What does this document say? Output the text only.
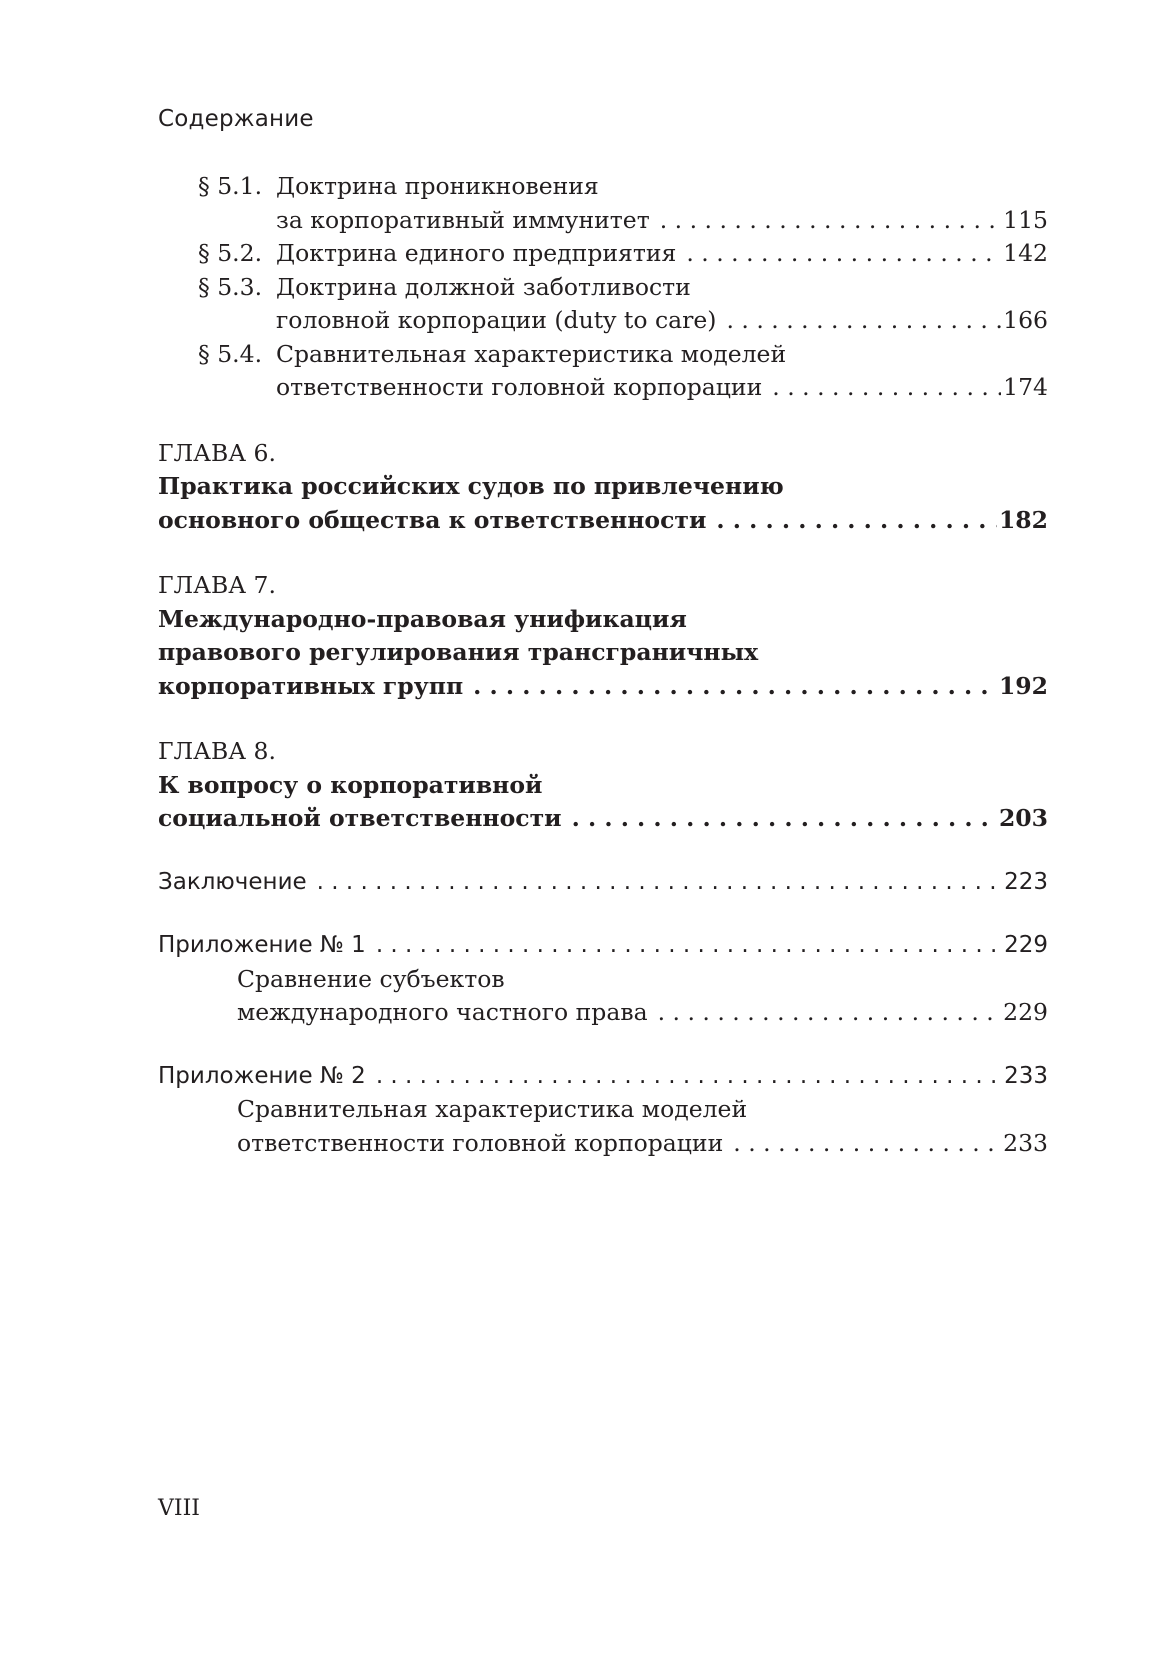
Содержание
§ 5.1. Доктрина проникновения
за корпоративный иммунитет . . .	115
§ 5.2. Доктрина единого предприятия . . .	142
§ 5.3. Доктрина должной заботливости
головной корпорации (duty to care) . . .	166
§ 5.4. Сравнительная характеристика моделей
ответственности головной корпорации . . .	174
ГЛАВА 6.
Практика российских судов по привлечению
основного общества к ответственности . . .	182
ГЛАВА 7.
Международно-правовая унификация
правового регулирования трансграничных
корпоративных групп . . .	192
ГЛАВА 8.
К вопросу о корпоративной
социальной ответственности . . .	203
Заключение . . .	223
Приложение № 1 . . .	229
Сравнение субъектов
международного частного права . . .	229
Приложение № 2 . . .	233
Сравнительная характеристика моделей
ответственности головной корпорации . . .	233
VIII
